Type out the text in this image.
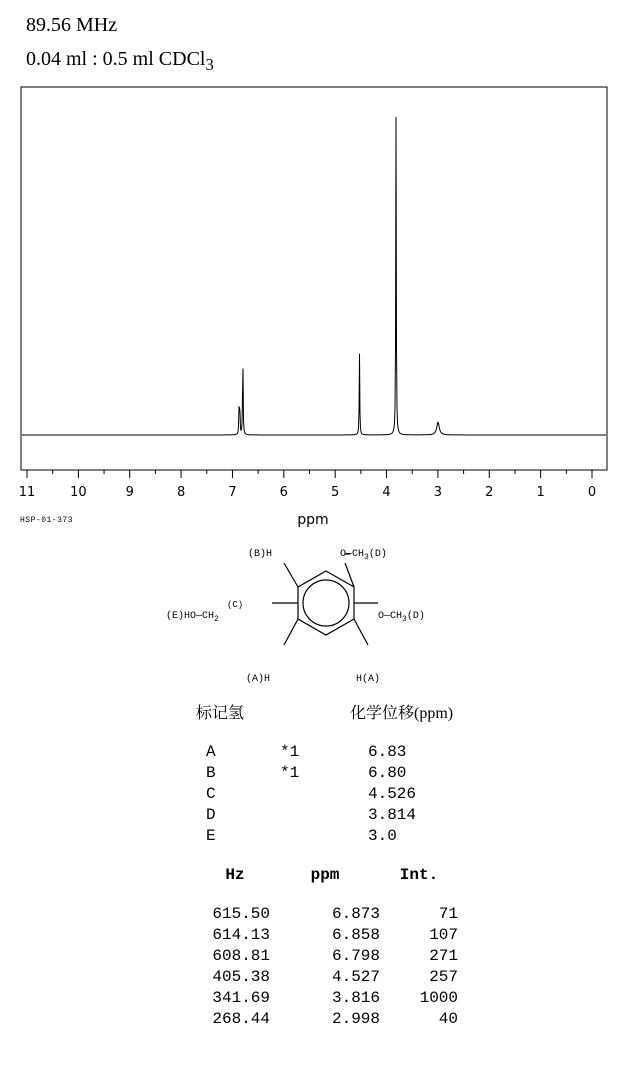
89.56 MHz
0.04 ml : 0.5 ml CDCl$_3$
11	10	9	8	7	6	5	4	3	2	1	0
ppm
HSP-01-373
(B)H	$O—CH_3(D)$
(C)
$(E)HO—CH_2$	$O—CH_3(D)$
(A)H	H(A)
标记氢	化学位移(ppm)
A	*1	6.83
B	*1	6.80
C		4.526
D		3.814
E		3.0
Hz	ppm	Int.

615.50	6.873	71
614.13	6.858	107
608.81	6.798	271
405.38	4.527	257
341.69	3.816	1000
268.44	2.998	40
